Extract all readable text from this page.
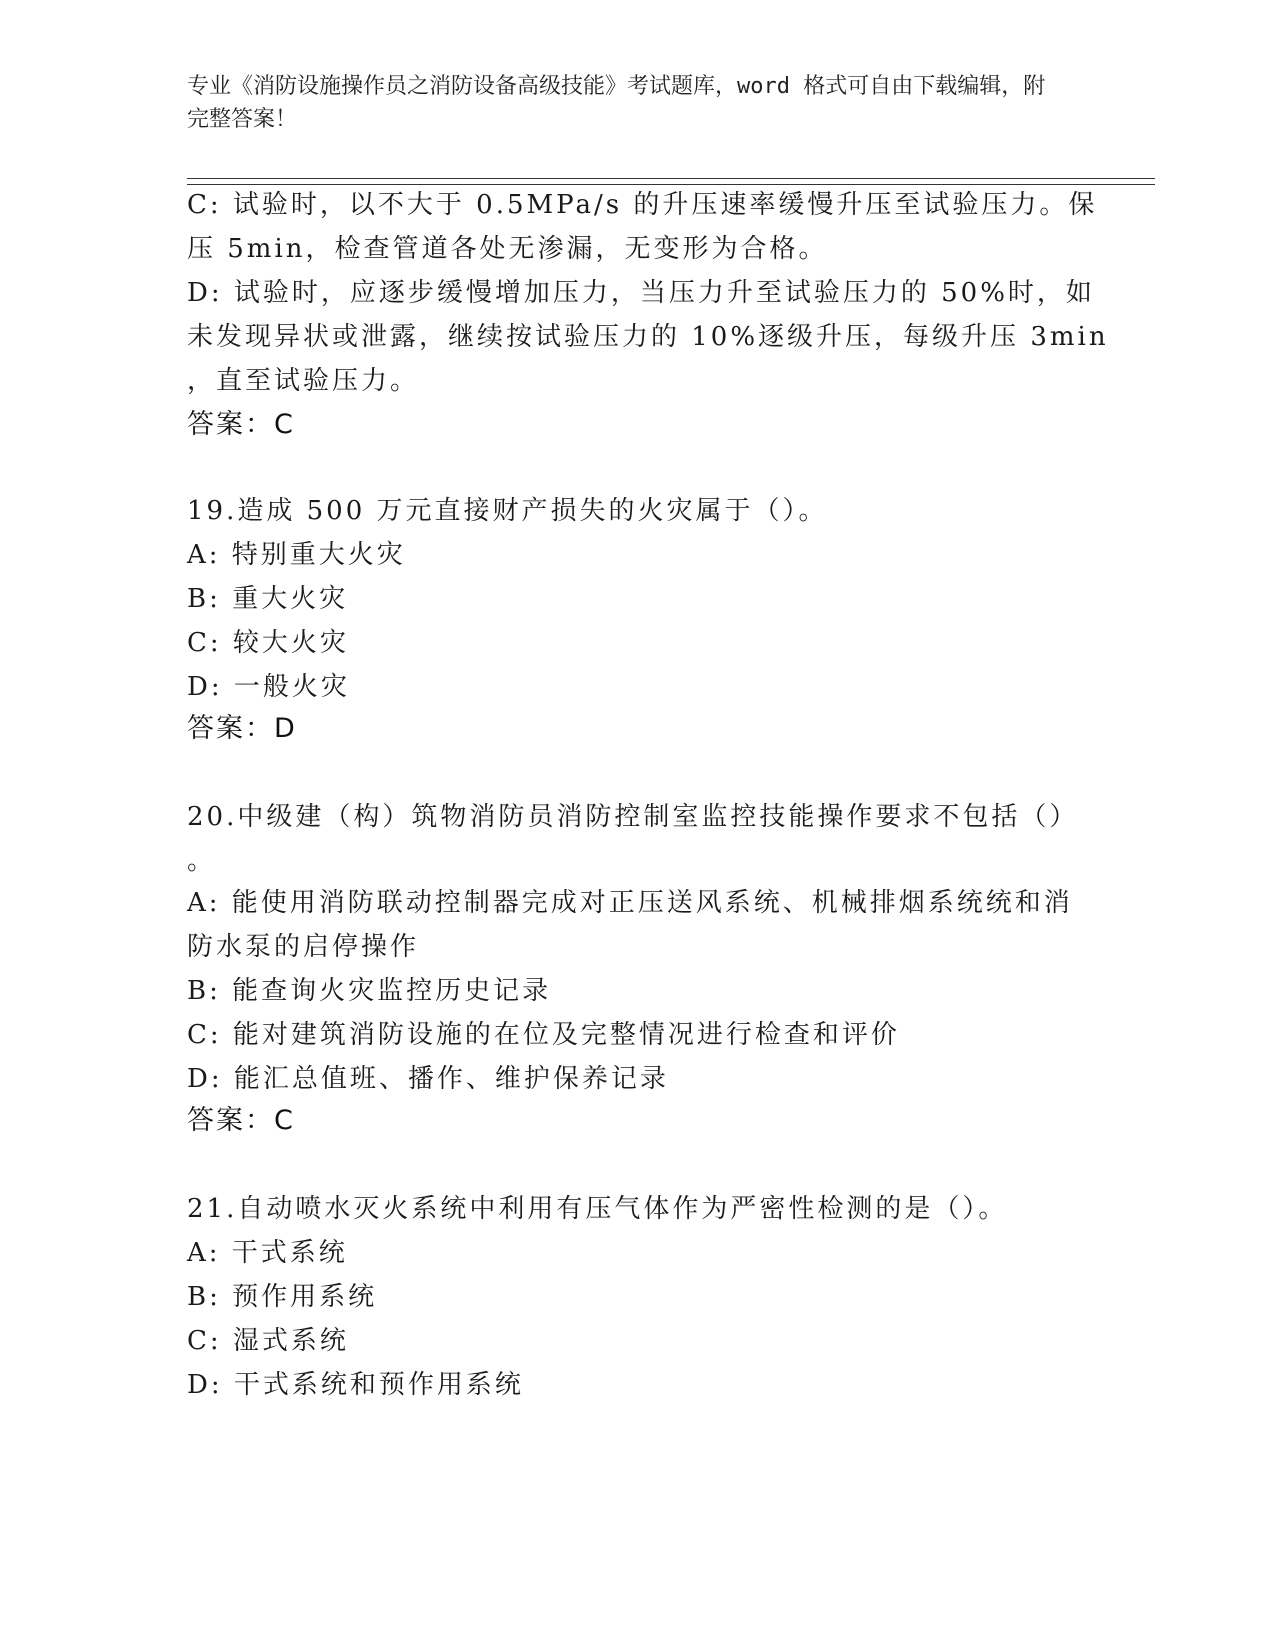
专业《消防设施操作员之消防设备高级技能》考试题库，word 格式可自由下载编辑，附完整答案！
C: 试验时，以不大于 0.5MPa/s 的升压速率缓慢升压至试验压力。保
压 5min，检查管道各处无渗漏，无变形为合格。
D: 试验时，应逐步缓慢增加压力，当压力升至试验压力的 50%时，如
未发现异状或泄露，继续按试验压力的 10%逐级升压，每级升压 3min
，直至试验压力。
答案：C
19.造成 500 万元直接财产损失的火灾属于（）。
A: 特别重大火灾
B: 重大火灾
C: 较大火灾
D: 一般火灾
答案：D
20.中级建（构）筑物消防员消防控制室监控技能操作要求不包括（）
。
A: 能使用消防联动控制器完成对正压送风系统、机械排烟系统统和消
防水泵的启停操作
B: 能查询火灾监控历史记录
C: 能对建筑消防设施的在位及完整情况进行检查和评价
D: 能汇总值班、播作、维护保养记录
答案：C
21.自动喷水灭火系统中利用有压气体作为严密性检测的是（）。
A: 干式系统
B: 预作用系统
C: 湿式系统
D: 干式系统和预作用系统
